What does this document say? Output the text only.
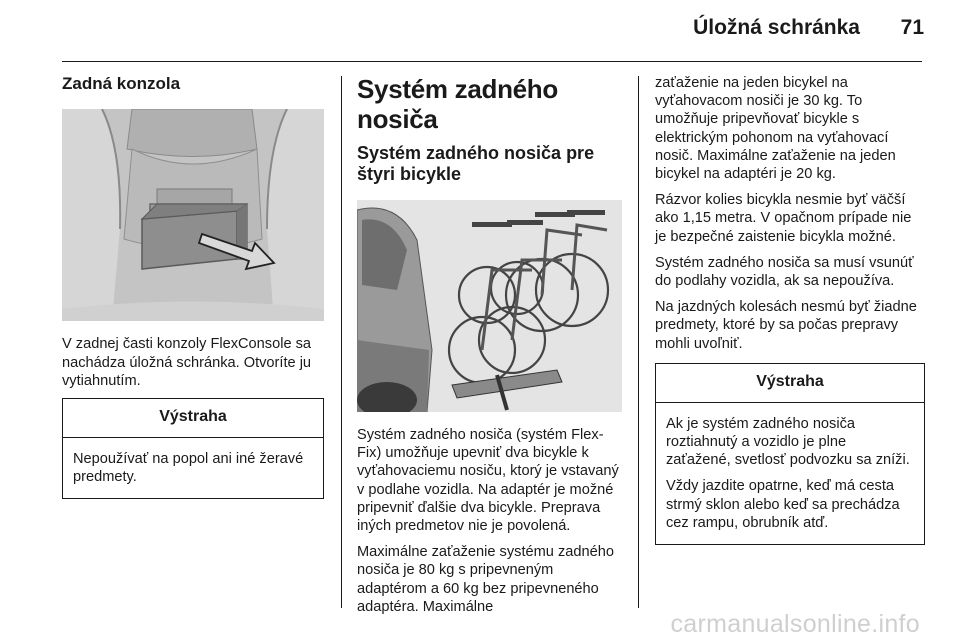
Úložná schránka	71
Zadná konzola

V zadnej časti konzoly FlexConsole sa nachádza úložná schránka. Otvoríte ju vytiahnutím.

Výstraha

Nepoužívať na popol ani iné žeravé predmety.

Systém zadného nosiča
Systém zadného nosiča pre štyri bicykle

Systém zadného nosiča (systém Flex-Fix) umožňuje upevniť dva bicykle k vyťahovaciemu nosiču, ktorý je vstavaný v podlahe vozidla. Na adaptér je možné pripevniť ďalšie dva bicykle. Preprava iných predmetov nie je povolená.

Maximálne zaťaženie systému zadného nosiča je 80 kg s pripevneným adaptérom a 60 kg bez pripevneného adaptéra. Maximálne

zaťaženie na jeden bicykel na vyťahovacom nosiči je 30 kg. To umožňuje pripevňovať bicykle s elektrickým pohonom na vyťahovací nosič. Maximálne zaťaženie na jeden bicykel na adaptéri je 20 kg.

Rázvor kolies bicykla nesmie byť väčší ako 1,15 metra. V opačnom prípade nie je bezpečné zaistenie bicykla možné.

Systém zadného nosiča sa musí vsunúť do podlahy vozidla, ak sa nepoužíva.

Na jazdných kolesách nesmú byť žiadne predmety, ktoré by sa počas prepravy mohli uvoľniť.

Výstraha

Ak je systém zadného nosiča roztiahnutý a vozidlo je plne zaťažené, svetlosť podvozku sa zníži.

Vždy jazdite opatrne, keď má cesta strmý sklon alebo keď sa prechádza cez rampu, obrubník atď.

carmanualsonline.info
